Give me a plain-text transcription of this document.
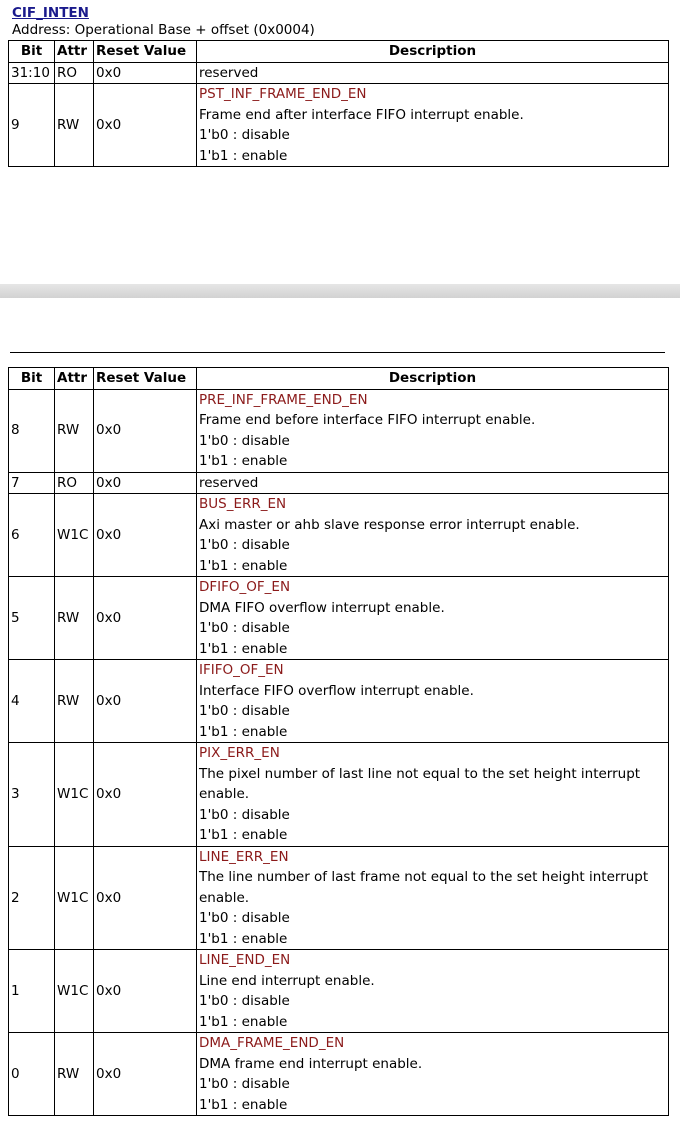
CIF_INTEN
Address: Operational Base + offset (0x0004)
Bit	Attr	Reset Value	Description
31:10	RO	0x0	reserved

9	RW	0x0	PST_INF_FRAME_END_EN
Frame end after interface FIFO interrupt enable.
1'b0 : disable
1'b1 : enable
Bit	Attr	Reset Value	Description
8	RW	0x0	PRE_INF_FRAME_END_EN
Frame end before interface FIFO interrupt enable.
1'b0 : disable
1'b1 : enable

7	RO	0x0	reserved

6	W1C	0x0	BUS_ERR_EN
Axi master or ahb slave response error interrupt enable.
1'b0 : disable
1'b1 : enable

5	RW	0x0	DFIFO_OF_EN
DMA FIFO overflow interrupt enable.
1'b0 : disable
1'b1 : enable

4	RW	0x0	IFIFO_OF_EN
Interface FIFO overflow interrupt enable.
1'b0 : disable
1'b1 : enable

3	W1C	0x0	PIX_ERR_EN
The pixel number of last line not equal to the set height interrupt enable.
1'b0 : disable
1'b1 : enable

2	W1C	0x0	LINE_ERR_EN
The line number of last frame not equal to the set height interrupt enable.
1'b0 : disable
1'b1 : enable

1	W1C	0x0	LINE_END_EN
Line end interrupt enable.
1'b0 : disable
1'b1 : enable

0	RW	0x0	DMA_FRAME_END_EN
DMA frame end interrupt enable.
1'b0 : disable
1'b1 : enable
